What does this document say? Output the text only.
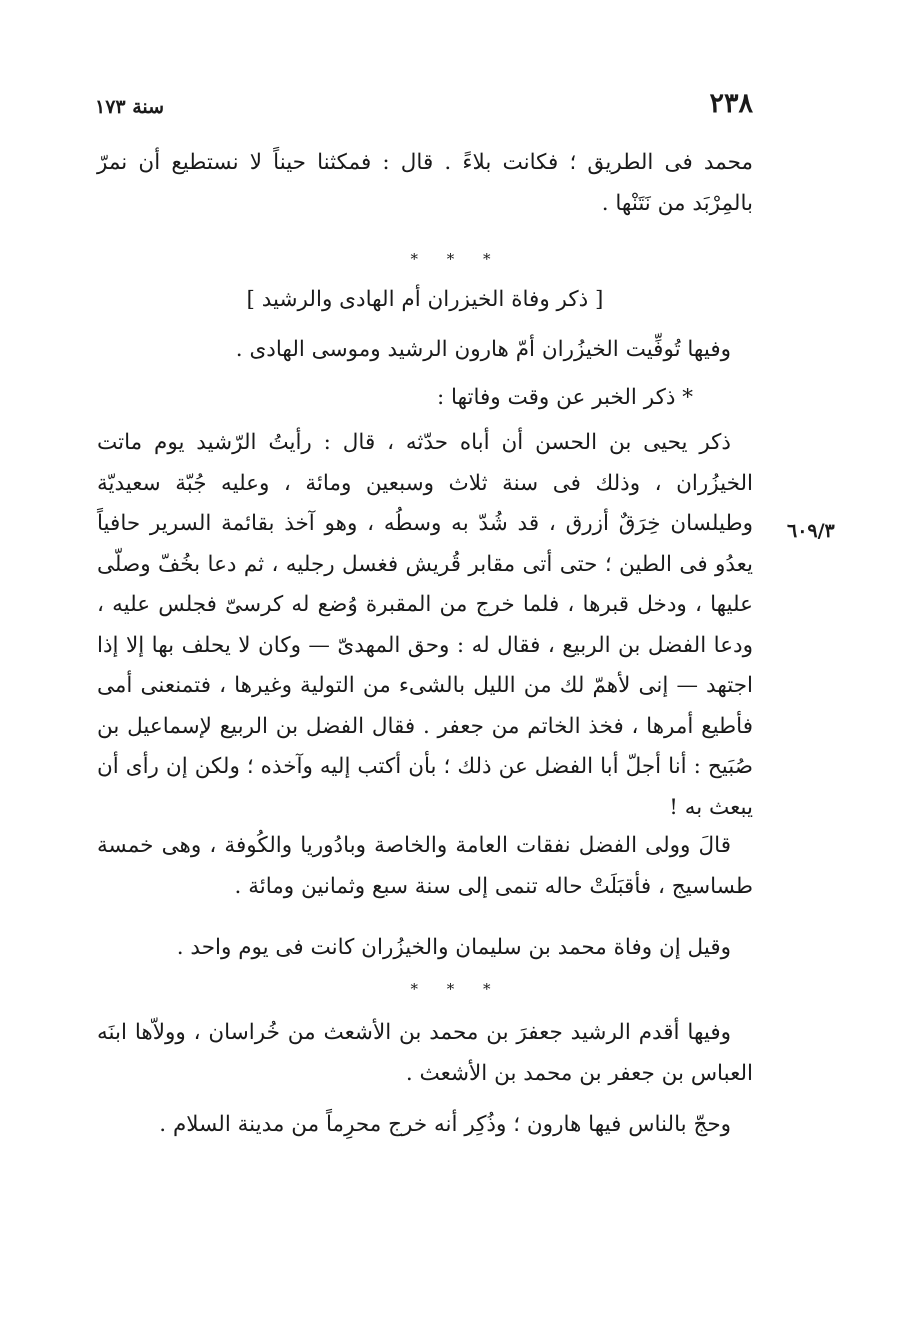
٢٣٨
سنة ١٧٣

محمد فى الطريق ؛ فكانت بلاءً . قال : فمكثنا حيناً لا نستطيع أن نمرّ بالمِرْبَد من نَتَنْها .

* * *
[ ذكر وفاة الخيزران أم الهادى والرشيد ]

وفيها تُوفِّيت الخيزُران أمّ هارون الرشيد وموسى الهادى .

* ذكر الخبر عن وقت وفاتها :

ذكر يحيى بن الحسن أن أباه حدّثه ، قال : رأيتُ الرّشيد يوم ماتت الخيزُران ، وذلك فى سنة ثلاث وسبعين ومائة ، وعليه جُبّة سعيديّة وطيلسان خِرَقٌ أزرق ، قد شُدّ به وسطُه ، وهو آخذ بقائمة السرير حافياً يعدُو فى الطين ؛ حتى أتى مقابر قُريش فغسل رجليه ، ثم دعا بخُفّ وصلّى عليها ، ودخل قبرها ، فلما خرج من المقبرة وُضع له كرسىّ فجلس عليه ، ودعا الفضل بن الربيع ، فقال له : وحق المهدىّ — وكان لا يحلف بها إلا إذا اجتهد — إنى لأهمّ لك من الليل بالشىء من التولية وغيرها ، فتمنعنى أمى فأطيع أمرها ، فخذ الخاتم من جعفر . فقال الفضل بن الربيع لإسماعيل بن صُبَيح : أنا أجلّ أبا الفضل عن ذلك ؛ بأن أكتب إليه وآخذه ؛ ولكن إن رأى أن يبعث به !

٦٠٩/٣

قالَ وولى الفضل نفقات العامة والخاصة وبادُوريا والكُوفة ، وهى خمسة طساسيج ، فأقبَلَتْ حاله تنمى إلى سنة سبع وثمانين ومائة .

وقيل إن وفاة محمد بن سليمان والخيزُران كانت فى يوم واحد .

* * *

وفيها أقدم الرشيد جعفرَ بن محمد بن الأشعث من خُراسان ، وولاّها ابنَه العباس بن جعفر بن محمد بن الأشعث .

وحجّ بالناس فيها هارون ؛ وذُكِر أنه خرج محرِماً من مدينة السلام .
